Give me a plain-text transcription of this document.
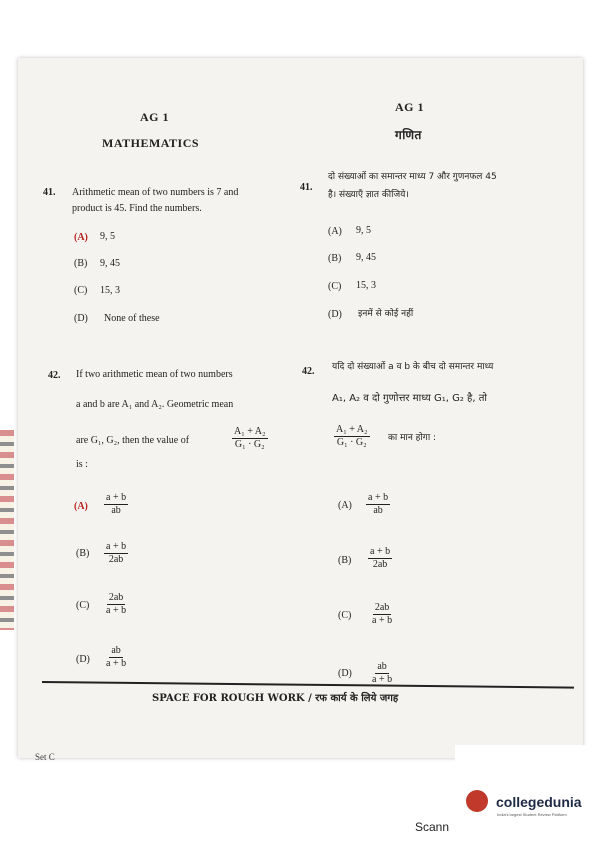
AG 1
MATHEMATICS
AG 1
गणित
41. Arithmetic mean of two numbers is 7 and
product is 45. Find the numbers.
(A) 9, 5
(B) 9, 45
(C) 15, 3
(D) None of these
41.
दो संख्याओं का समान्तर माध्य 7 और गुणनफल 45
है। संख्याएँ ज्ञात कीजिये।
(A) 9, 5
(B) 9, 45
(C) 15, 3
(D) इनमें से कोई नहीं
42. If two arithmetic mean of two numbers
a and b are A₁ and A₂. Geometric mean
are G₁, G₂, then the value of	$\frac{\text{A₁ + A₂}}{\text{G₁ · G₂}}$
is :
$(A) \frac{a + b}{ab}$
$(B) \frac{a + b}{2ab}$
$(C) \frac{2ab}{a + b}$
$(D) \frac{ab}{a + b}$
42. यदि दो संख्याओं a व b के बीच दो समान्तर माध्य
A₁, A₂ व दो गुणोत्तर माध्य G₁, G₂ है, तो
$\frac{\text{A₁ + A₂}}{\text{G₁ · G₂}}$ का मान होगा :
$(A) \frac{a + b}{ab}$
$(B) \frac{a + b}{2ab}$
$(C) \frac{2ab}{a + b}$
$(D) \frac{ab}{a + b}$
SPACE FOR ROUGH WORK / रफ कार्य के लिये जगह
Set C
collegedunia
India's largest Student Review Platform
Scann
